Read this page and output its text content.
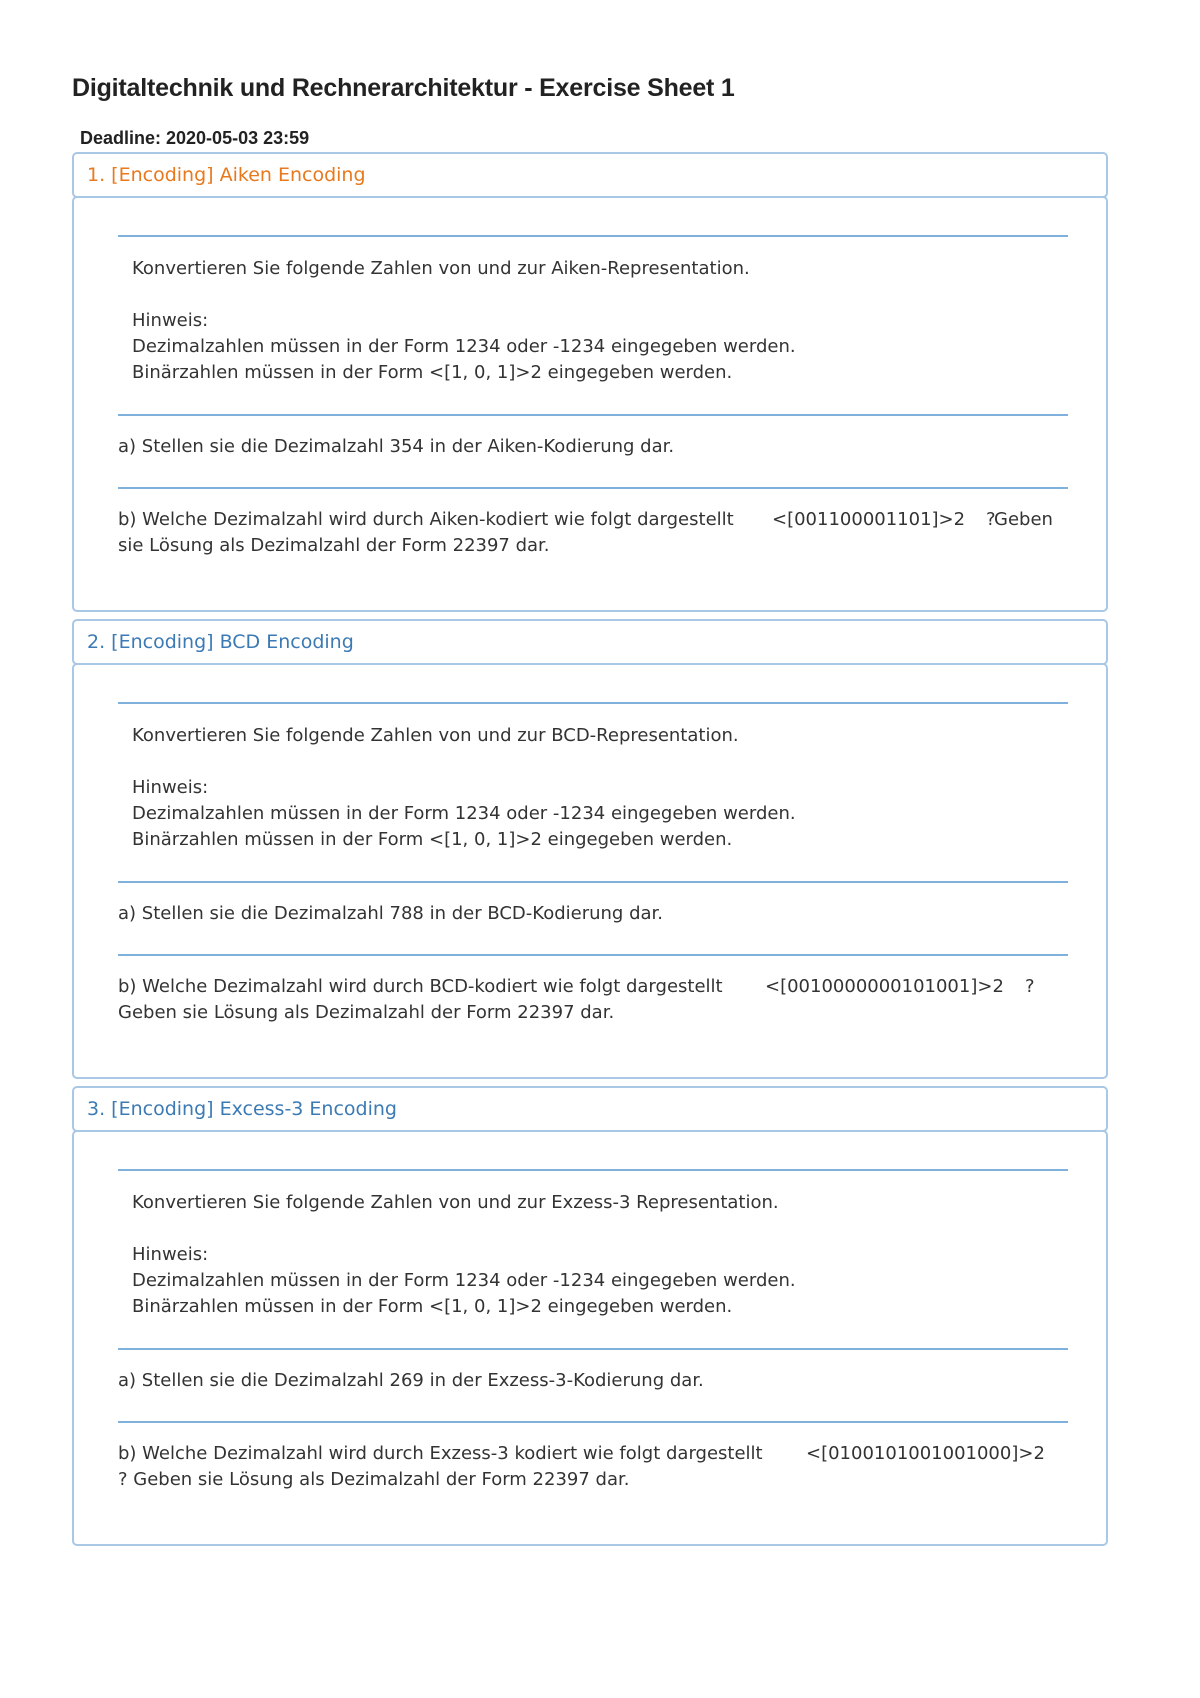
Digitaltechnik und Rechnerarchitektur - Exercise Sheet 1
Deadline: 2020-05-03 23:59
1. [Encoding] Aiken Encoding
Konvertieren Sie folgende Zahlen von und zur Aiken-Representation.
Hinweis:
Dezimalzahlen müssen in der Form 1234 oder -1234 eingegeben werden.
Binärzahlen müssen in der Form <[1, 0, 1]>2 eingegeben werden.
a) Stellen sie die Dezimalzahl 354 in der Aiken-Kodierung dar.
b) Welche Dezimalzahl wird durch Aiken-kodiert wie folgt dargestellt <[001100001101]>2 ?
Geben
sie Lösung als Dezimalzahl der Form 22397 dar.
2. [Encoding] BCD Encoding
Konvertieren Sie folgende Zahlen von und zur BCD-Representation.
Hinweis:
Dezimalzahlen müssen in der Form 1234 oder -1234 eingegeben werden.
Binärzahlen müssen in der Form <[1, 0, 1]>2 eingegeben werden.
a) Stellen sie die Dezimalzahl 788 in der BCD-Kodierung dar.
b) Welche Dezimalzahl wird durch BCD-kodiert wie folgt dargestellt <[0010000000101001]>2 ?
Geben sie Lösung als Dezimalzahl der Form 22397 dar.
3. [Encoding] Excess-3 Encoding
Konvertieren Sie folgende Zahlen von und zur Exzess-3 Representation.
Hinweis:
Dezimalzahlen müssen in der Form 1234 oder -1234 eingegeben werden.
Binärzahlen müssen in der Form <[1, 0, 1]>2 eingegeben werden.
a) Stellen sie die Dezimalzahl 269 in der Exzess-3-Kodierung dar.
b) Welche Dezimalzahl wird durch Exzess-3 kodiert wie folgt dargestellt <[0100101001001000]>2
? Geben sie Lösung als Dezimalzahl der Form 22397 dar.
